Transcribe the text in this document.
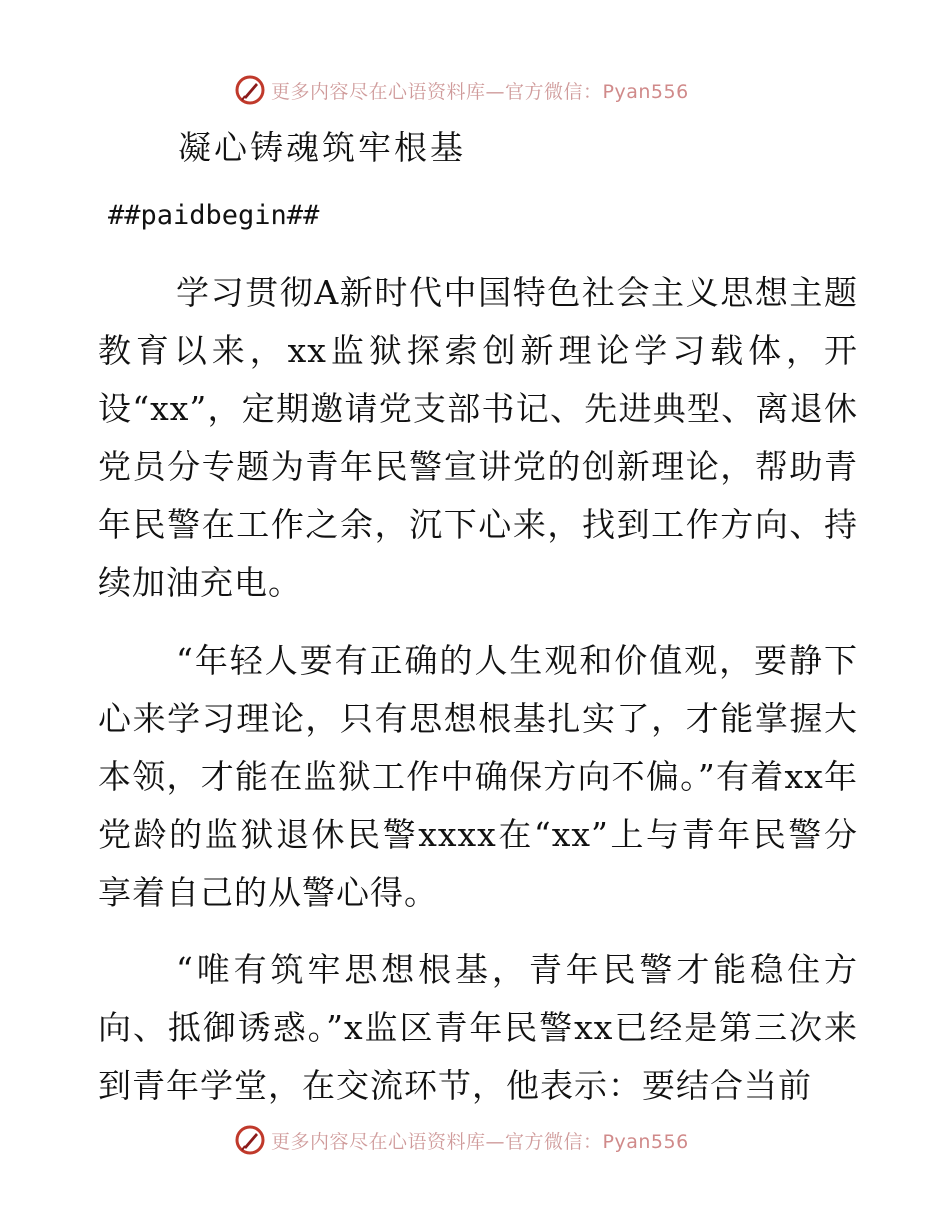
更多内容尽在心语资料库—官方微信：Pyan556
凝心铸魂筑牢根基
##paidbegin##

学习贯彻A新时代中国特色社会主义思想主题教育以来，xx监狱探索创新理论学习载体，开设“xx”，定期邀请党支部书记、先进典型、离退休党员分专题为青年民警宣讲党的创新理论，帮助青年民警在工作之余，沉下心来，找到工作方向、持续加油充电。

“年轻人要有正确的人生观和价值观，要静下心来学习理论，只有思想根基扎实了，才能掌握大本领，才能在监狱工作中确保方向不偏。”有着xx年党龄的监狱退休民警xxxx在“xx”上与青年民警分享着自己的从警心得。

“唯有筑牢思想根基，青年民警才能稳住方向、抵御诱惑。”x监区青年民警xx已经是第三次来到青年学堂，在交流环节，他表示：要结合当前

更多内容尽在心语资料库—官方微信：Pyan556
